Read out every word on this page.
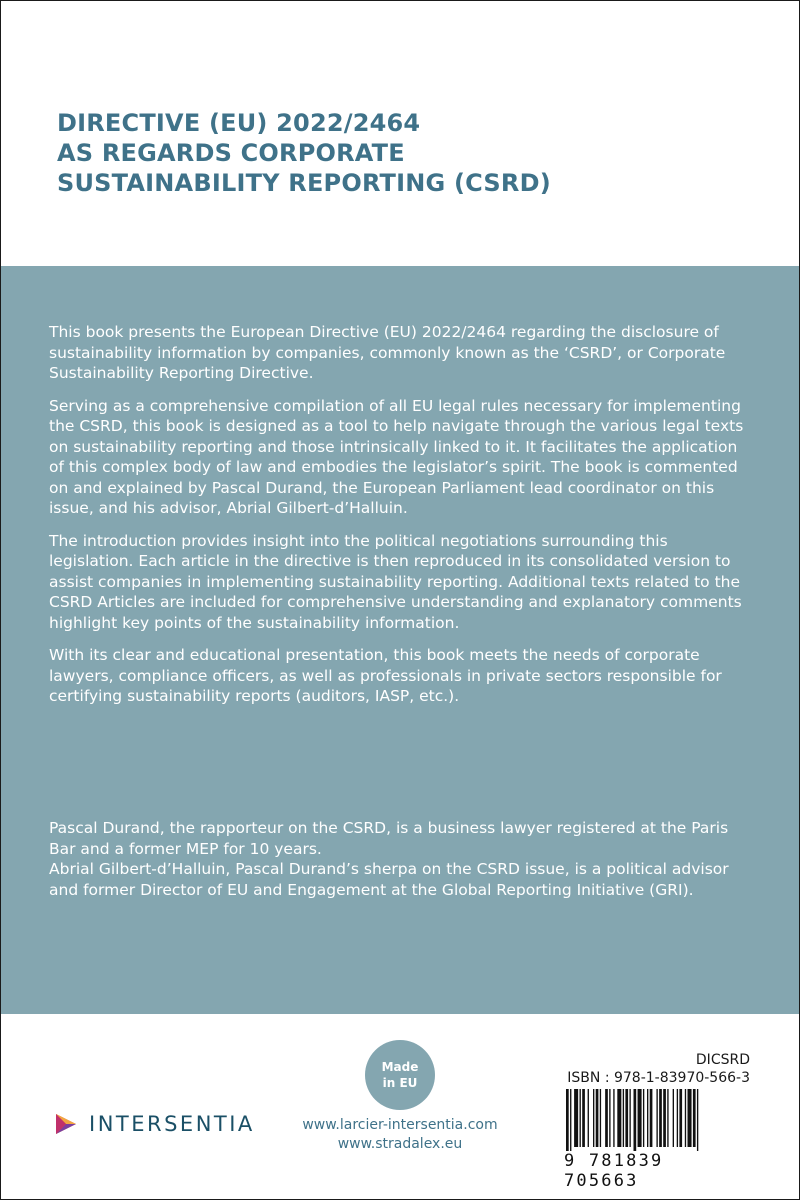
DIRECTIVE (EU) 2022/2464
AS REGARDS CORPORATE
SUSTAINABILITY REPORTING (CSRD)

This book presents the European Directive (EU) 2022/2464 regarding the disclosure of sustainability information by companies, commonly known as the ‘CSRD’, or Corporate Sustainability Reporting Directive.

Serving as a comprehensive compilation of all EU legal rules necessary for implementing the CSRD, this book is designed as a tool to help navigate through the various legal texts on sustainability reporting and those intrinsically linked to it. It facilitates the application of this complex body of law and embodies the legislator’s spirit. The book is commented on and explained by Pascal Durand, the European Parliament lead coordinator on this issue, and his advisor, Abrial Gilbert-d’Halluin.

The introduction provides insight into the political negotiations surrounding this legislation. Each article in the directive is then reproduced in its consolidated version to assist companies in implementing sustainability reporting. Additional texts related to the CSRD Articles are included for comprehensive understanding and explanatory comments highlight key points of the sustainability information.

With its clear and educational presentation, this book meets the needs of corporate lawyers, compliance officers, as well as professionals in private sectors responsible for certifying sustainability reports (auditors, IASP, etc.).

Pascal Durand, the rapporteur on the CSRD, is a business lawyer registered at the Paris Bar and a former MEP for 10 years.

Abrial Gilbert-d’Halluin, Pascal Durand’s sherpa on the CSRD issue, is a political advisor and former Director of EU and Engagement at the Global Reporting Initiative (GRI).

INTERSENTIA
Made
in EU
www.larcier-intersentia.com
www.stradalex.eu
DICSRD
ISBN : 978-1-83970-566-3
9 781839 705663
